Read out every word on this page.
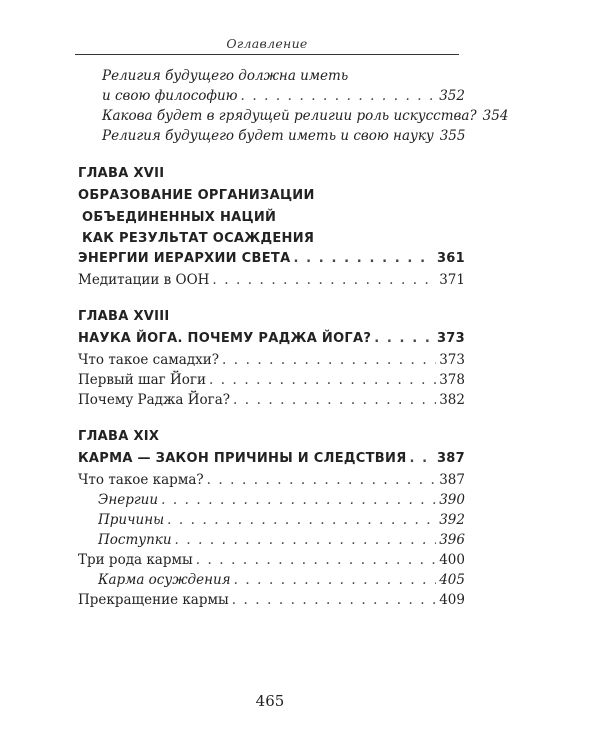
Оглавление
Религия будущего должна иметь
и свою философию . . .	352
Какова будет в грядущей религии роль искусства? 354
Религия будущего будет иметь и свою науку 355
ГЛАВА XVII
ОБРАЗОВАНИЕ ОРГАНИЗАЦИИ
ОБЪЕДИНЕННЫХ НАЦИЙ
КАК РЕЗУЛЬТАТ ОСАЖДЕНИЯ
ЭНЕРГИИ ИЕРАРХИИ СВЕТА . . .	361
Медитации в ООН . . .	371
ГЛАВА XVIII
НАУКА ЙОГА. ПОЧЕМУ РАДЖА ЙОГА? . . .	373
Что такое самадхи? . . .	373
Первый шаг Йоги . . .	378
Почему Раджа Йога? . . .	382
ГЛАВА XIX
КАРМА — ЗАКОН ПРИЧИНЫ И СЛЕДСТВИЯ . . . 387
Что такое карма? . . .	387
Энергии . . .	390
Причины . . .	392
Поступки . . .	396
Три рода кармы . . .	400
Карма осуждения . . .	405
Прекращение кармы . . .	409
465
